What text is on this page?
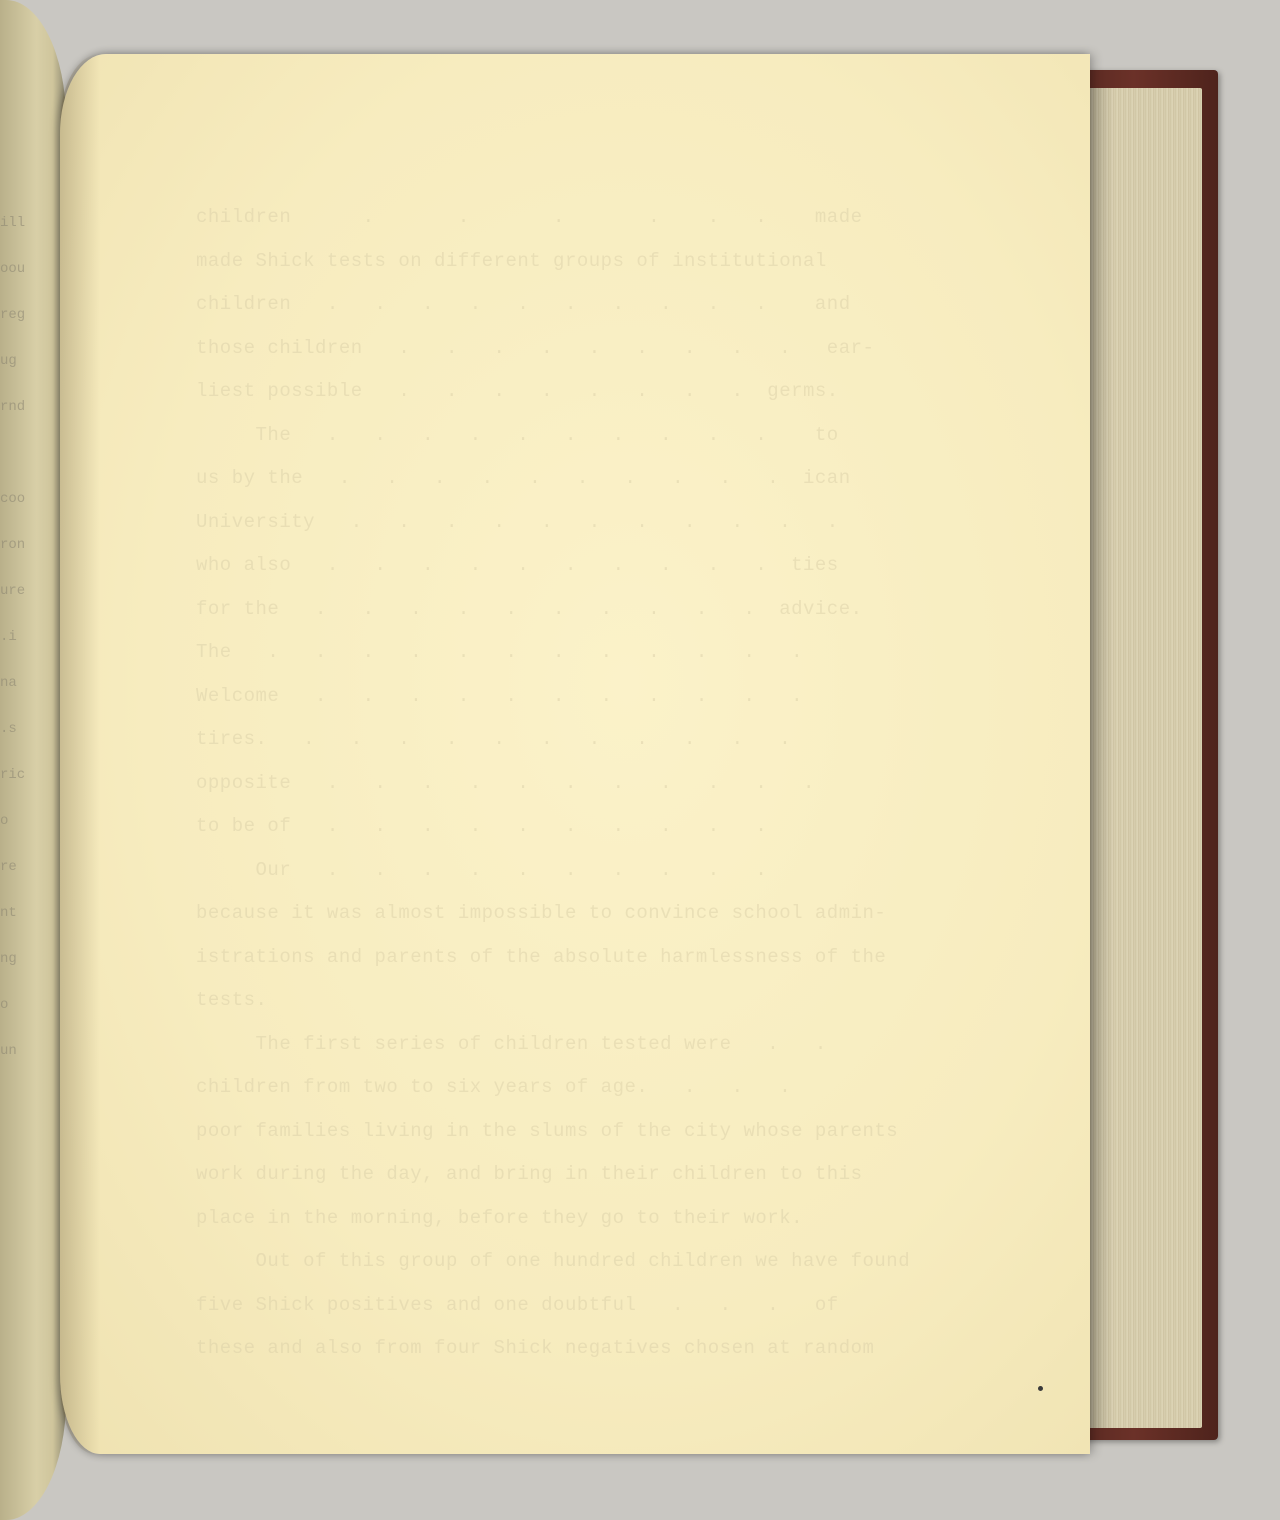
ill
oou
reg
ug
rnd

coo
ron
ure
.i
na
.s
ric
o
re
nt
ng
o
un
children      .       .       .       .    .   .    made
made Shick tests on different groups of institutional
children   .   .   .   .   .   .   .   .   .   .    and
those children   .   .   .   .   .   .   .   .   .   ear-
liest possible   .   .   .   .   .   .   .   .  germs.
The   .   .   .   .   .   .   .   .   .   .    to
us by the   .   .   .   .   .   .   .   .   .   .  ican
University   .   .   .   .   .   .   .   .   .   .   .
who also   .   .   .   .   .   .   .   .   .   .  ties
for the   .   .   .   .   .   .   .   .   .   .  advice.
The   .   .   .   .   .   .   .   .   .   .   .   .
Welcome   .   .   .   .   .   .   .   .   .   .   .
tires.   .   .   .   .   .   .   .   .   .   .   .
opposite   .   .   .   .   .   .   .   .   .   .   .
to be of   .   .   .   .   .   .   .   .   .   .
Our   .   .   .   .   .   .   .   .   .   .
because it was almost impossible to convince school admin-
istrations and parents of the absolute harmlessness of the
tests.
The first series of children tested were   .   .
children from two to six years of age.   .   .   .
poor families living in the slums of the city whose parents
work during the day, and bring in their children to this
place in the morning, before they go to their work.
Out of this group of one hundred children we have found
five Shick positives and one doubtful   .   .   .   of
these and also from four Shick negatives chosen at random
